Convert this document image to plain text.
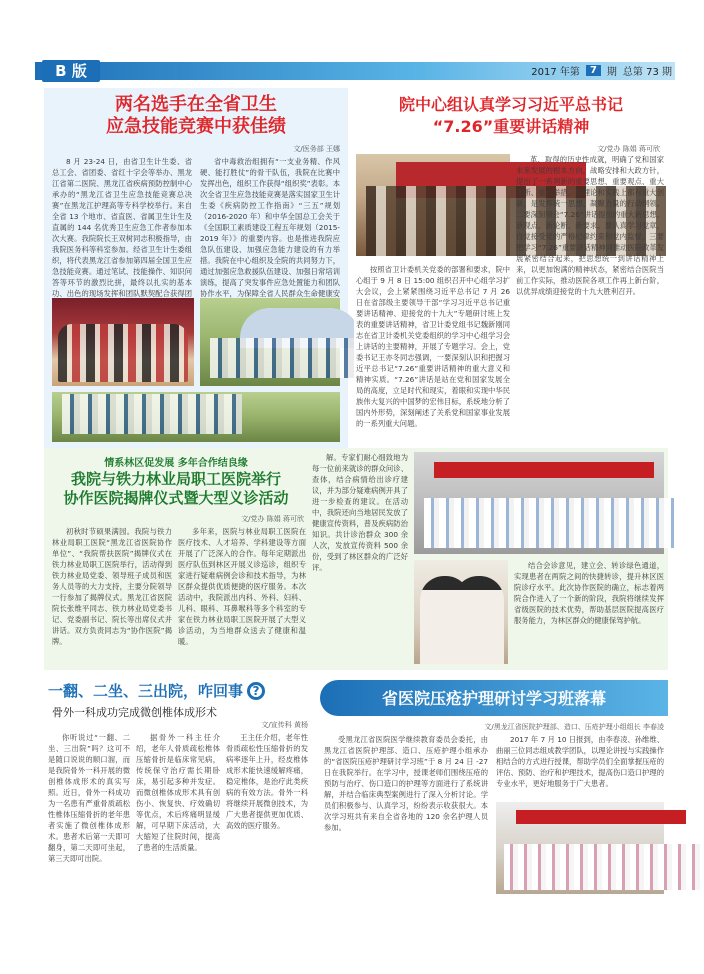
B 版	2017 年第	7	期 总第 73 期
两名选手在全省卫生
应急技能竞赛中获佳绩
文/医务部 王娜
8 月 23-24 日，由省卫生计生委、省总工会、省团委、省红十字会等举办、黑龙江省第二医院、黑龙江省疾病预防控制中心承办的“黑龙江省卫生应急技能竞赛总决赛”在黑龙江护理高等专科学校举行。来自全省 13 个地市、省直医、省属卫生计生及直属的 144 名优秀卫生应急工作者参加本次大赛。我院院长王双树同志积极指导，由我院医务科等科室参加。经省卫生计生委组织，将代表黑龙江省参加第四届全国卫生应急技能竞赛。通过笔试、技能操作、知识问答等环节的激烈比拼，最终以扎实的基本功、出色的现场发挥和团队默契配合获得团
省中毒救治组拥有“一支业务精、作风硬、能打胜仗”的骨干队伍，我院在比赛中发挥出色，组织工作获得“组织奖”表彰。本次全省卫生应急技能竞赛是落实国家卫生计生委《疾病防控工作指南》“三五”规划（2016-2020 年）和中华全国总工会关于《全国职工素质建设工程五年规划（2015-2019 年）》的重要内容。也是推进我院应急队伍建设、加强应急能力建设的有力举措。我院在中心组织及全院的共同努力下，通过加强应急救援队伍建设、加强日常培训演练，提高了突发事件应急处置能力和团队协作水平，为保障全省人民群众生命健康安
院中心组认真学习习近平总书记
“7.26”重要讲话精神
文/党办 陈娟 蒋可欣
按照省卫计委机关党委的部署和要求，院中心组于 9 月 8 日 15:00 组织召开中心组学习扩大会议，会上紧紧围绕习近平总书记 7 月 26 日在省部级主要领导干部“学习习近平总书记重要讲话精神、迎接党的十九大”专题研讨班上发表的重要讲话精神，省卫计委党组书记魏新刚同志在省卫计委机关党委组织的学习中心组学习会上讲话的主要精神，开展了专题学习。会上，党委书记王亦冬同志强调，一要深刻认识和把握习近平总书记“7.26”重要讲话精神的重大意义和精神实质。“7.26”讲话是站在党和国家发展全局的高度，立足时代和现实，着眼和实现中华民族伟大复兴的中国梦的宏伟目标，系统地分析了国内外形势，深刻阐述了关系党和国家事业发展的一系列重大问题。
革、取得的历史性成就，明确了党和国家未来发展的根本方向，战略安排和大政方针，提出了一系列新的重要思想、重要观点、重大判断、重大举措，在理论和实践上都有重大创新，是发挥统一思想、凝聚力量的行动纲领。二要深刻领会“7.26”讲话提出的重大新思想、新观点、新论断、新要求。要认真学习党章，自觉接受党的严格纪律约束和党内监督。三要把学习“7.26”重要讲话精神同推动医院改革发展紧密结合起来，把思想统一到讲话精神上来，以更加饱满的精神状态，紧密结合医院当前工作实际，推动医院各项工作再上新台阶，以优异成绩迎接党的十九大胜利召开。
情系林区促发展 多年合作结良缘
我院与铁力林业局职工医院举行
协作医院揭牌仪式暨大型义诊活动
文/党办 陈娟 蒋可欣
初秋时节硕果满园。我院与铁力林业局职工医院“黑龙江省医院协作单位”、“我院帮扶医院”揭牌仪式在铁力林业局职工医院举行，活动得到铁力林业局党委、领导班子成员和医务人员等的大力支持，主要分院领导一行参加了揭牌仪式。黑龙江省医院院长张维平同志、铁力林业局党委书记、党委副书记、院长等出席仪式并讲话。双方负责同志为“协作医院”揭牌。
多年来，医院与林业局职工医院在医疗技术、人才培养、学科建设等方面开展了广泛深入的合作。每年定期派出医疗队伍到林区开展义诊巡诊，组织专家进行疑难病例会诊和技术指导，为林区群众提供优质便捷的医疗服务。本次活动中，我院派出内科、外科、妇科、儿科、眼科、耳鼻喉科等多个科室的专家在铁力林业局职工医院开展了大型义诊活动，为当地群众送去了健康和温暖。
解。专家们耐心细致地为每一位前来就诊的群众问诊、查体，结合病情给出诊疗建议，并为部分疑难病例开具了进一步检查的建议。在活动中，我院还向当地居民发放了健康宣传资料，普及疾病防治知识。共计诊治群众 300 余人次，发放宣传资料 500 余份，受到了林区群众的广泛好评。	结合会诊意见，建立会、转诊绿色通道，实现患者在两院之间的快捷转诊，提升林区医院诊疗水平。此次协作医院的确立，标志着两院合作进入了一个新的阶段，我院将继续发挥省级医院的技术优势，帮助基层医院提高医疗服务能力，为林区群众的健康保驾护航。
一翻、二坐、三出院，咋回事 ?
骨外一科成功完成微创椎体成形术
文/宣传科 黄杨
你听说过“一翻、二坐、三出院”吗？这可不是随口说说的顺口溜，而是我院骨外一科开展的微创椎体成形术的真实写照。近日，骨外一科成功为一名患有严重骨质疏松性椎体压缩骨折的老年患者实施了微创椎体成形术。患者术后第一天即可翻身，第二天即可坐起，第三天即可出院。
据骨外一科主任介绍，老年人骨质疏松椎体压缩骨折是临床常见病，传统保守治疗需长期卧床，易引起多种并发症。而微创椎体成形术具有创伤小、恢复快、疗效确切等优点，术后疼痛明显缓解，可早期下床活动，大大缩短了住院时间，提高了患者的生活质量。
王主任介绍，老年性骨质疏松性压缩骨折的发病率逐年上升，经皮椎体成形术能快速缓解疼痛，稳定椎体，是治疗此类疾病的有效方法。骨外一科将继续开展微创技术，为广大患者提供更加优质、高效的医疗服务。
省医院压疮护理研讨学习班落幕
文/黑龙江省医院护理部、造口、压疮护理小组组长 李春凌
受黑龙江省医院医学继续教育委员会委托，由黑龙江省医院护理部、造口、压疮护理小组承办的“省医院压疮护理研讨学习班”于 8 月 24 日 -27 日在我院举行。在学习中，授课老师们围绕压疮的预防与治疗、伤口造口的护理等方面进行了系统讲解，并结合临床典型案例进行了深入分析讨论。学员们积极参与、认真学习，纷纷表示收获很大。本次学习班共有来自全省各地的 120 余名护理人员参加。
2017 年 7 月 10 日报到，由李春凌、孙维维、曲丽三位同志组成教学团队，以理论讲授与实践操作相结合的方式进行授课，帮助学员们全面掌握压疮的评估、预防、治疗和护理技术，提高伤口造口护理的专业水平，更好地服务于广大患者。
